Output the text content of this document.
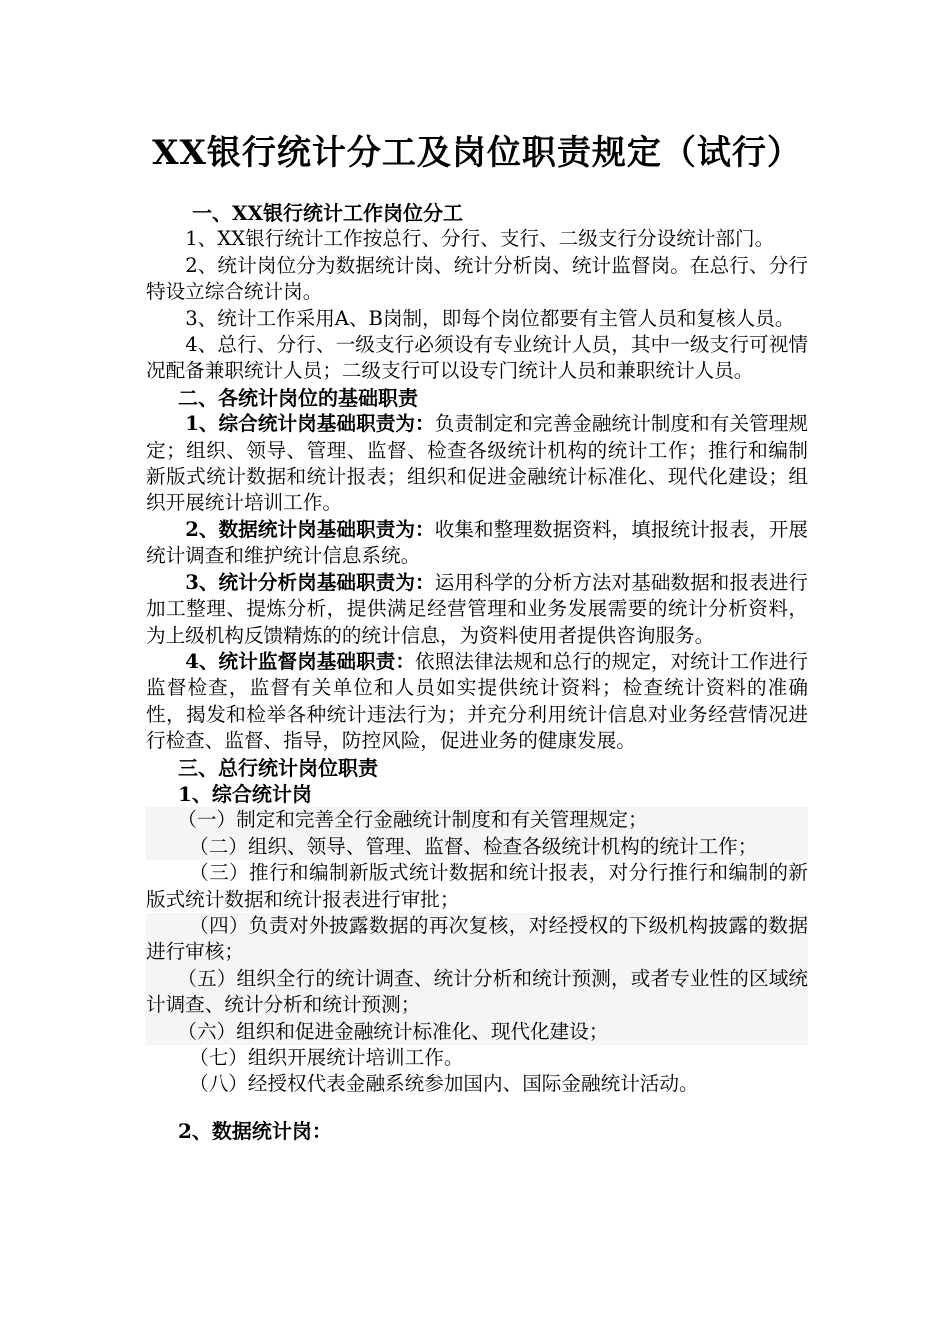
XX银行统计分工及岗位职责规定（试行）

一、XX银行统计工作岗位分工

1、XX银行统计工作按总行、分行、支行、二级支行分设统计部门。

2、统计岗位分为数据统计岗、统计分析岗、统计监督岗。在总行、分行特设立综合统计岗。

3、统计工作采用A、B岗制，即每个岗位都要有主管人员和复核人员。

4、总行、分行、一级支行必须设有专业统计人员，其中一级支行可视情况配备兼职统计人员；二级支行可以设专门统计人员和兼职统计人员。

二、各统计岗位的基础职责

1、综合统计岗基础职责为：负责制定和完善金融统计制度和有关管理规定；组织、领导、管理、监督、检查各级统计机构的统计工作；推行和编制新版式统计数据和统计报表；组织和促进金融统计标准化、现代化建设；组织开展统计培训工作。

2、数据统计岗基础职责为：收集和整理数据资料，填报统计报表，开展统计调查和维护统计信息系统。

3、统计分析岗基础职责为：运用科学的分析方法对基础数据和报表进行加工整理、提炼分析，提供满足经营管理和业务发展需要的统计分析资料，为上级机构反馈精炼的的统计信息，为资料使用者提供咨询服务。

4、统计监督岗基础职责：依照法律法规和总行的规定，对统计工作进行监督检查，监督有关单位和人员如实提供统计资料；检查统计资料的准确性，揭发和检举各种统计违法行为；并充分利用统计信息对业务经营情况进行检查、监督、指导，防控风险，促进业务的健康发展。

三、总行统计岗位职责

1、综合统计岗

（一）制定和完善全行金融统计制度和有关管理规定；

（二）组织、领导、管理、监督、检查各级统计机构的统计工作；

（三）推行和编制新版式统计数据和统计报表，对分行推行和编制的新版式统计数据和统计报表进行审批；

（四）负责对外披露数据的再次复核，对经授权的下级机构披露的数据进行审核；

（五）组织全行的统计调查、统计分析和统计预测，或者专业性的区域统计调查、统计分析和统计预测；

（六）组织和促进金融统计标准化、现代化建设；

（七）组织开展统计培训工作。

（八）经授权代表金融系统参加国内、国际金融统计活动。

2、数据统计岗：
